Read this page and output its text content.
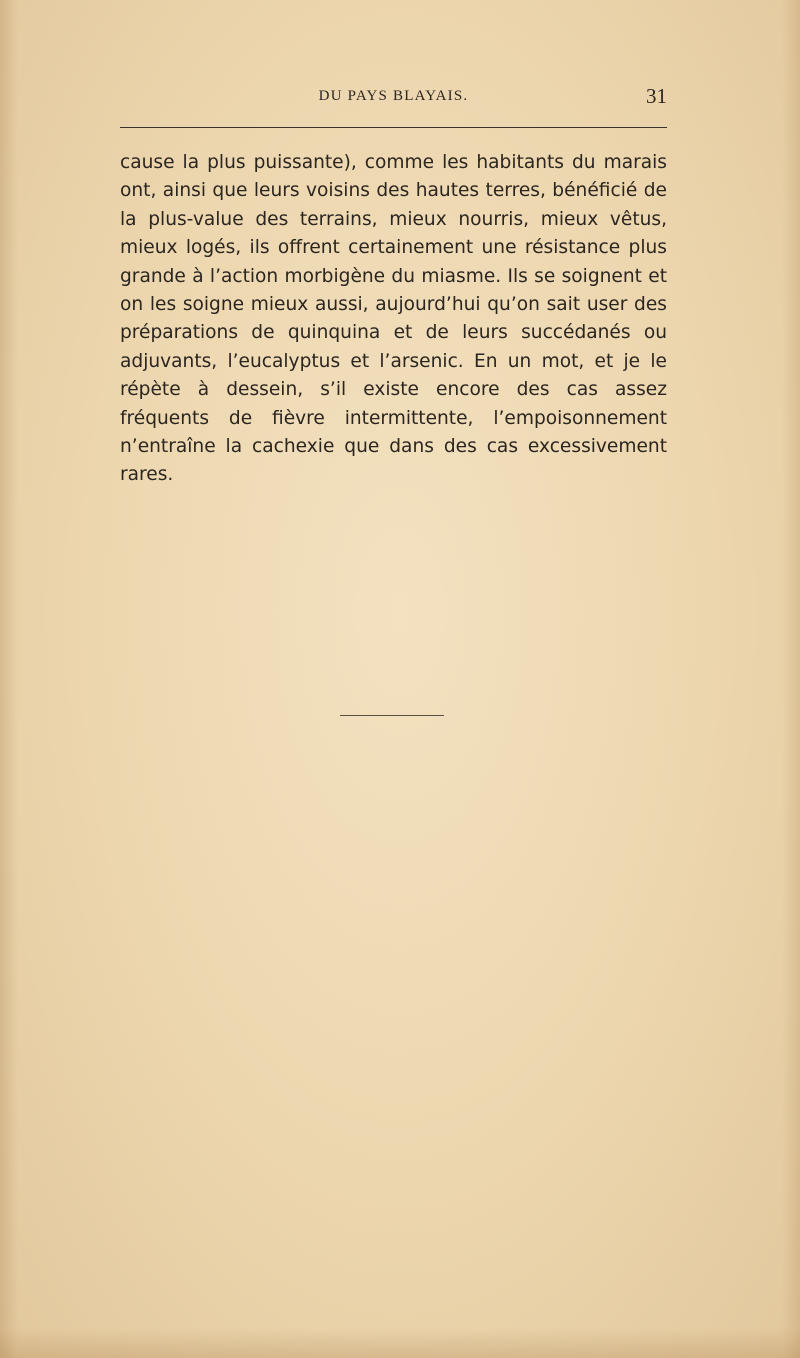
DU PAYS BLAYAIS.	31

cause la plus puissante), comme les habitants du marais ont, ainsi que leurs voisins des hautes terres, bénéficié de la plus-value des terrains, mieux nourris, mieux vêtus, mieux logés, ils offrent certainement une résistance plus grande à l’action morbigène du miasme. Ils se soignent et on les soigne mieux aussi, aujourd’hui qu’on sait user des préparations de quinquina et de leurs succédanés ou adjuvants, l’eucalyptus et l’arsenic. En un mot, et je le répète à dessein, s’il existe encore des cas assez fréquents de fièvre intermittente, l’empoisonnement n’entraîne la cachexie que dans des cas excessivement rares.
